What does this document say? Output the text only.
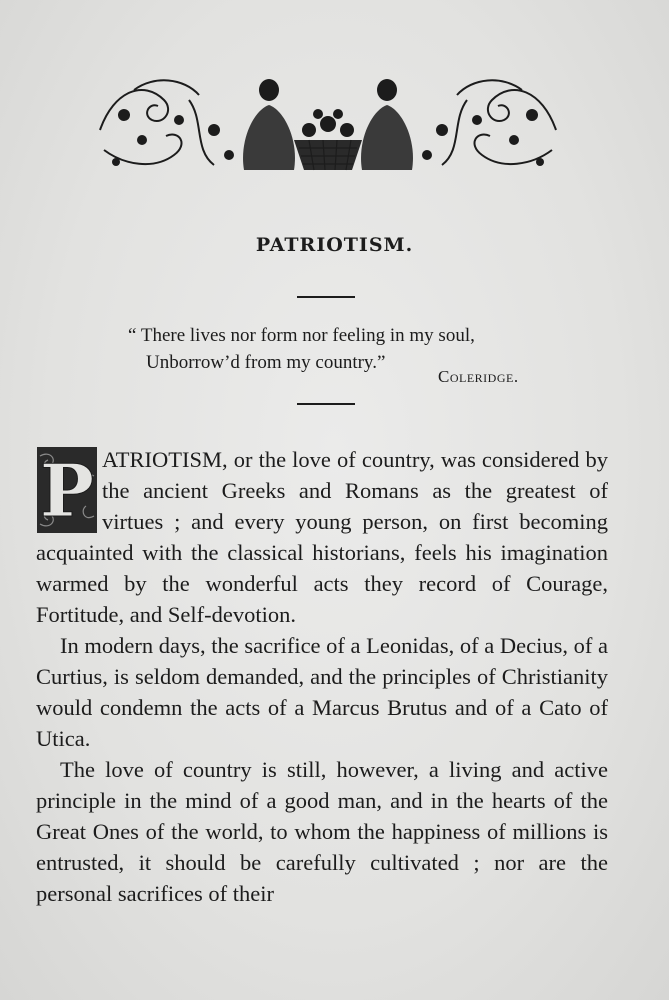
PATRIOTISM.
“ There lives nor form nor feeling in my soul,
Unborrow’d from my country.”
Coleridge.

P ATRIOTISM, or the love of country, was considered by the ancient Greeks and Romans as the greatest of virtues ; and every young person, on first becoming acquainted with the classical historians, feels his imagination warmed by the wonderful acts they record of Courage, Fortitude, and Self-devotion.

In modern days, the sacrifice of a Leonidas, of a Decius, of a Curtius, is seldom demanded, and the principles of Christianity would condemn the acts of a Marcus Brutus and of a Cato of Utica.

The love of country is still, however, a living and active principle in the mind of a good man, and in the hearts of the Great Ones of the world, to whom the happiness of millions is entrusted, it should be carefully cultivated ; nor are the personal sacrifices of their
